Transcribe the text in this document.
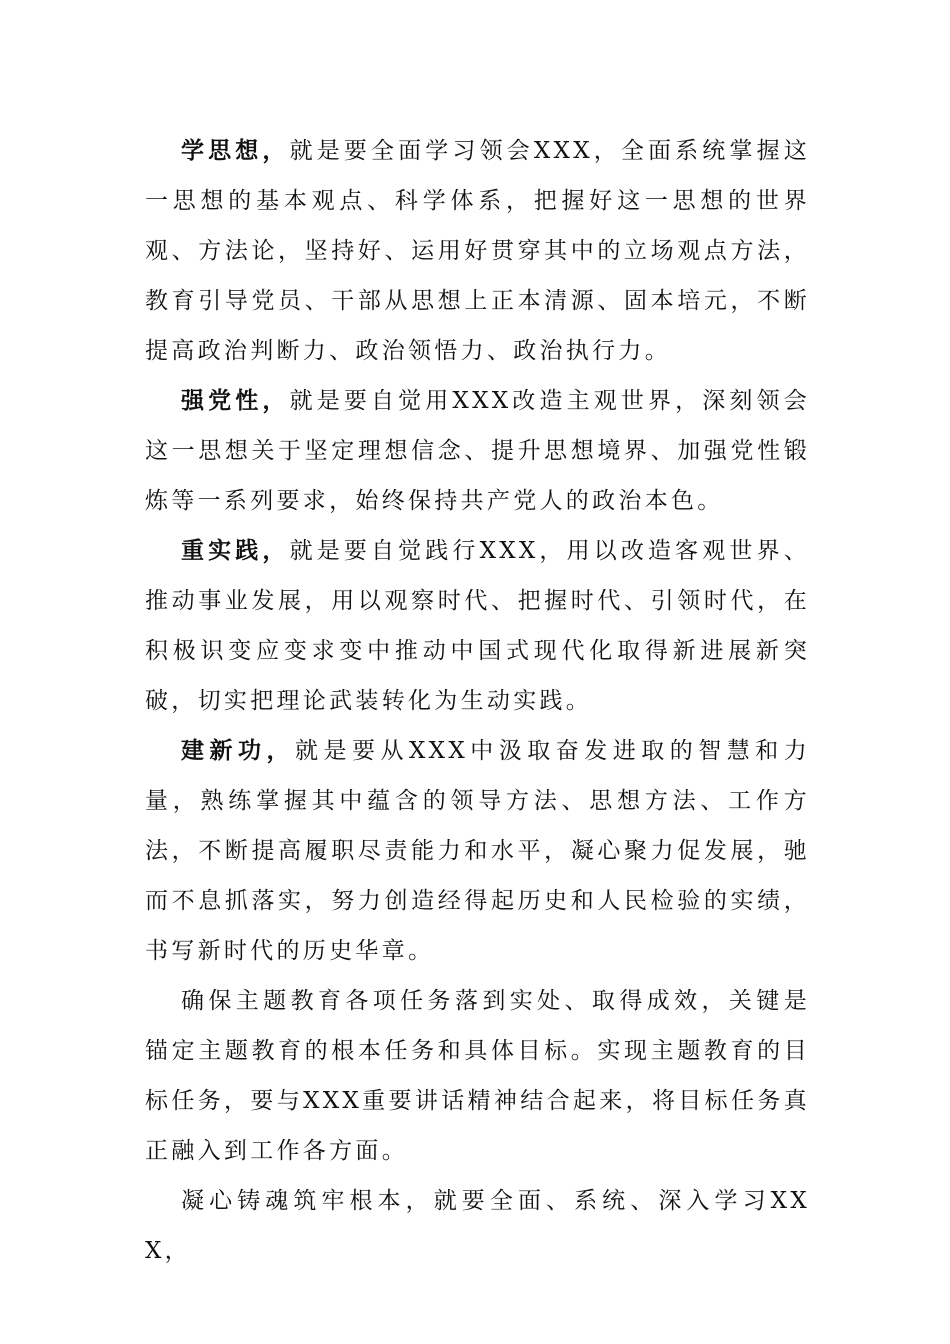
学思想，就是要全面学习领会XXX，全面系统掌握这一思想的基本观点、科学体系，把握好这一思想的世界观、方法论，坚持好、运用好贯穿其中的立场观点方法，教育引导党员、干部从思想上正本清源、固本培元，不断提高政治判断力、政治领悟力、政治执行力。

强党性，就是要自觉用XXX改造主观世界，深刻领会这一思想关于坚定理想信念、提升思想境界、加强党性锻炼等一系列要求，始终保持共产党人的政治本色。

重实践，就是要自觉践行XXX，用以改造客观世界、推动事业发展，用以观察时代、把握时代、引领时代，在积极识变应变求变中推动中国式现代化取得新进展新突破，切实把理论武装转化为生动实践。

建新功，就是要从XXX中汲取奋发进取的智慧和力量，熟练掌握其中蕴含的领导方法、思想方法、工作方法，不断提高履职尽责能力和水平，凝心聚力促发展，驰而不息抓落实，努力创造经得起历史和人民检验的实绩，书写新时代的历史华章。

确保主题教育各项任务落到实处、取得成效，关键是锚定主题教育的根本任务和具体目标。实现主题教育的目标任务，要与XXX重要讲话精神结合起来，将目标任务真正融入到工作各方面。

凝心铸魂筑牢根本，就要全面、系统、深入学习XXX，
